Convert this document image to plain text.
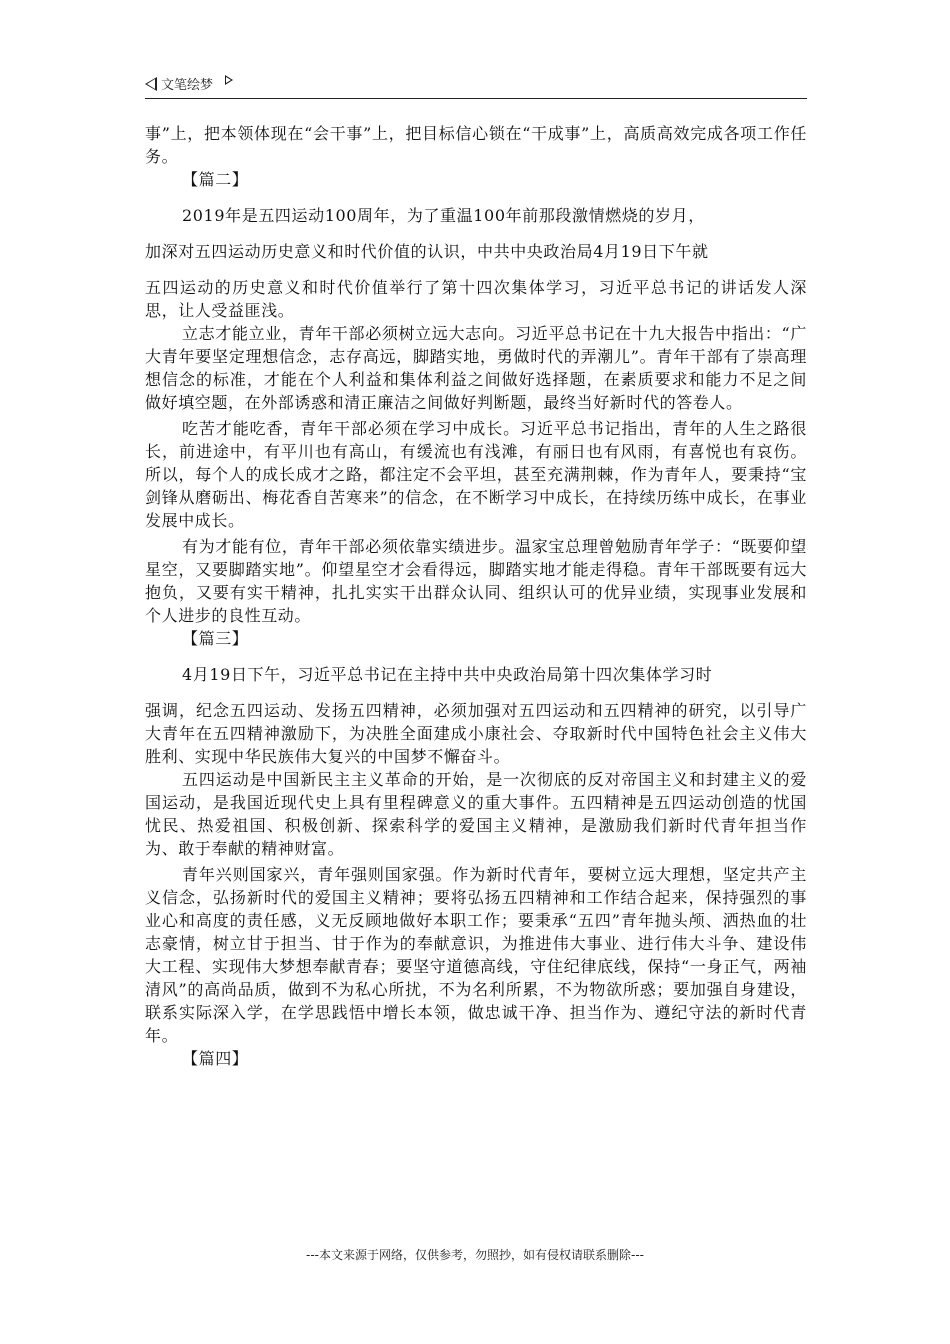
文笔绘梦

事”上，把本领体现在“会干事”上，把目标信心锁在“干成事”上，高质高效完成各项工作任务。

【篇二】

2019年是五四运动100周年，为了重温100年前那段激情燃烧的岁月，

加深对五四运动历史意义和时代价值的认识，中共中央政治局4月19日下午就

五四运动的历史意义和时代价值举行了第十四次集体学习，习近平总书记的讲话发人深思，让人受益匪浅。

立志才能立业，青年干部必须树立远大志向。习近平总书记在十九大报告中指出：“广大青年要坚定理想信念，志存高远，脚踏实地，勇做时代的弄潮儿”。青年干部有了崇高理想信念的标准，才能在个人利益和集体利益之间做好选择题，在素质要求和能力不足之间做好填空题，在外部诱惑和清正廉洁之间做好判断题，最终当好新时代的答卷人。

吃苦才能吃香，青年干部必须在学习中成长。习近平总书记指出，青年的人生之路很长，前进途中，有平川也有高山，有缓流也有浅滩，有丽日也有风雨，有喜悦也有哀伤。所以，每个人的成长成才之路，都注定不会平坦，甚至充满荆棘，作为青年人，要秉持“宝剑锋从磨砺出、梅花香自苦寒来”的信念，在不断学习中成长，在持续历练中成长，在事业发展中成长。

有为才能有位，青年干部必须依靠实绩进步。温家宝总理曾勉励青年学子：“既要仰望星空，又要脚踏实地”。仰望星空才会看得远，脚踏实地才能走得稳。青年干部既要有远大抱负，又要有实干精神，扎扎实实干出群众认同、组织认可的优异业绩，实现事业发展和个人进步的良性互动。

【篇三】

4月19日下午，习近平总书记在主持中共中央政治局第十四次集体学习时

强调，纪念五四运动、发扬五四精神，必须加强对五四运动和五四精神的研究，以引导广大青年在五四精神激励下，为决胜全面建成小康社会、夺取新时代中国特色社会主义伟大胜利、实现中华民族伟大复兴的中国梦不懈奋斗。

五四运动是中国新民主主义革命的开始，是一次彻底的反对帝国主义和封建主义的爱国运动，是我国近现代史上具有里程碑意义的重大事件。五四精神是五四运动创造的忧国忧民、热爱祖国、积极创新、探索科学的爱国主义精神，是激励我们新时代青年担当作为、敢于奉献的精神财富。

青年兴则国家兴，青年强则国家强。作为新时代青年，要树立远大理想，坚定共产主义信念，弘扬新时代的爱国主义精神；要将弘扬五四精神和工作结合起来，保持强烈的事业心和高度的责任感，义无反顾地做好本职工作；要秉承“五四”青年抛头颅、洒热血的壮志豪情，树立甘于担当、甘于作为的奉献意识，为推进伟大事业、进行伟大斗争、建设伟大工程、实现伟大梦想奉献青春；要坚守道德高线，守住纪律底线，保持“一身正气，两袖清风”的高尚品质，做到不为私心所扰，不为名利所累，不为物欲所惑；要加强自身建设，联系实际深入学，在学思践悟中增长本领，做忠诚干净、担当作为、遵纪守法的新时代青年。

【篇四】

---本文来源于网络，仅供参考，勿照抄，如有侵权请联系删除---
